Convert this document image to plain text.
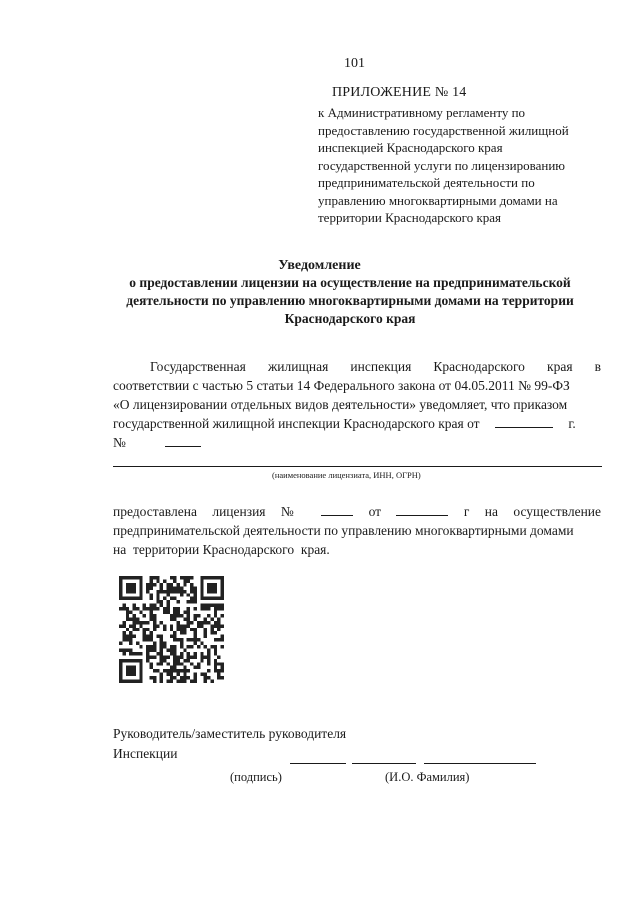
101
ПРИЛОЖЕНИЕ № 14
к Административному регламенту по
предоставлению государственной жилищной
инспекцией Краснодарского края
государственной услуги по лицензированию
предпринимательской деятельности по
управлению многоквартирными домами на
территории Краснодарского края
Уведомление
о предоставлении лицензии на осуществление на предпринимательской
деятельности по управлению многоквартирными домами на территории
Краснодарского края
Государственная жилищная инспекция Краснодарского края в
соответствии с частью 5 статьи 14 Федерального закона от 04.05.2011 № 99-ФЗ
«О лицензировании отдельных видов деятельности» уведомляет, что приказом
государственной жилищной инспекции Краснодарского края от	г.
№
(наименование лицензиата, ИНН, ОГРН)
предоставлена лицензия №	от	г на осуществление
предпринимательской деятельности по управлению многоквартирными домами
на  территории Краснодарского  края.
Руководитель/заместитель руководителя
Инспекции
(подпись)	(И.О. Фамилия)
